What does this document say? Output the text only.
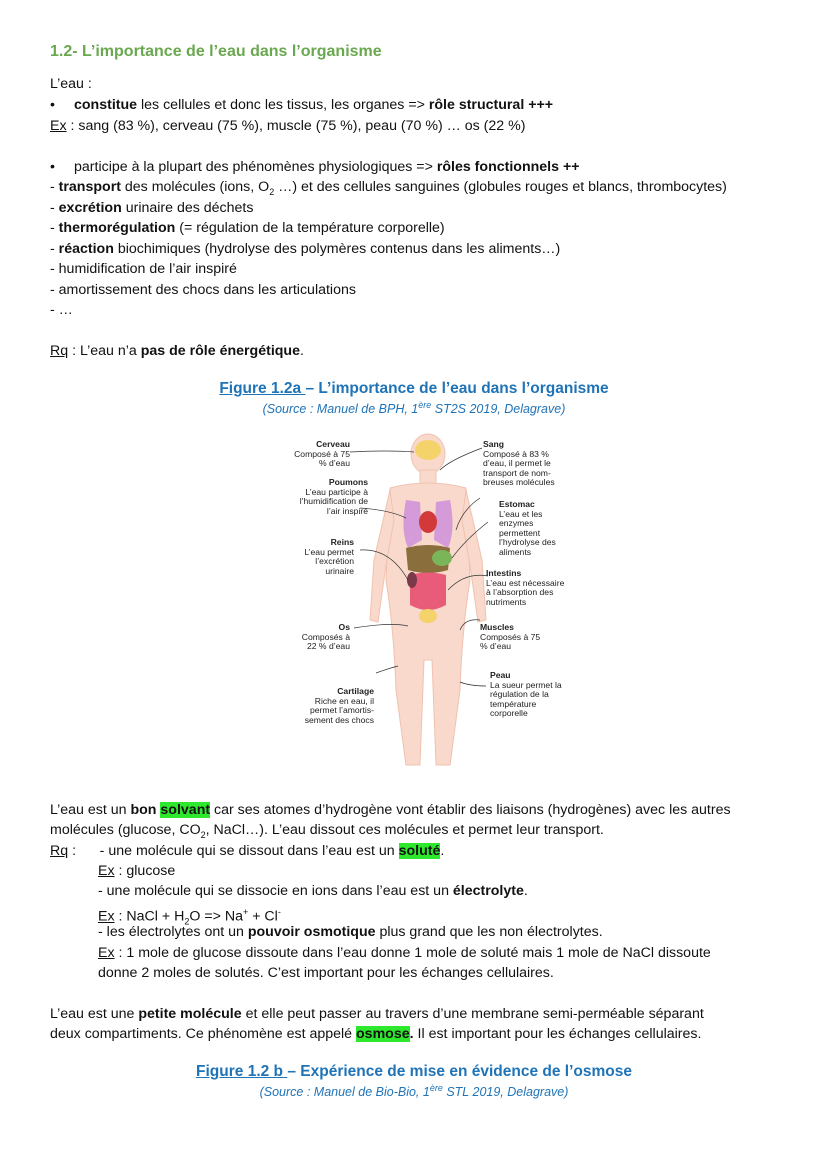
1.2- L’importance de l’eau dans l’organisme
L’eau :
• constitue les cellules et donc les tissus, les organes => rôle structural +++
Ex : sang (83 %), cerveau (75 %), muscle (75 %), peau (70 %) … os (22 %)
• participe à la plupart des phénomènes physiologiques => rôles fonctionnels ++
- transport des molécules (ions, $O_2$ …) et des cellules sanguines (globules rouges et blancs, thrombocytes)
- excrétion urinaire des déchets
- thermorégulation (= régulation de la température corporelle)
- réaction biochimiques (hydrolyse des polymères contenus dans les aliments…)
- humidification de l’air inspiré
- amortissement des chocs dans les articulations
- …
Rq : L’eau n’a pas de rôle énergétique.
Figure 1.2a – L’importance de l’eau dans l’organisme
(Source : Manuel de BPH, 1ère ST2S 2019, Delagrave)
Cerveau
Composé à 75 % d’eau
Poumons
L’eau participe à l’humidification de l’air inspiré
Reins
L’eau permet l’excrétion urinaire
Os
Composés à 22 % d’eau
Cartilage
Riche en eau, il permet l’amortis-sement des chocs
Sang
Composé à 83 % d’eau, il permet le transport de nom-breuses molécules
Estomac
L’eau et les enzymes permettent l’hydrolyse des aliments
Intestins
L’eau est nécessaire à l’absorption des nutriments
Muscles
Composés à 75 % d’eau
Peau
La sueur permet la régulation de la température corporelle
L’eau est un bon solvant car ses atomes d’hydrogène vont établir des liaisons (hydrogènes) avec les autres
molécules (glucose, $CO_2$, NaCl…). L’eau dissout ces molécules et permet leur transport.
Rq :      - une molécule qui se dissout dans l’eau est un soluté.
Ex : glucose
- une molécule qui se dissocie en ions dans l’eau est un électrolyte.
Ex : NaCl + $H_2O => Na^+ + Cl^-$
- les électrolytes ont un pouvoir osmotique plus grand que les non électrolytes.
Ex : 1 mole de glucose dissoute dans l’eau donne 1 mole de soluté mais 1 mole de NaCl dissoute
donne 2 moles de solutés. C’est important pour les échanges cellulaires.
L’eau est une petite molécule et elle peut passer au travers d’une membrane semi-perméable séparant
deux compartiments. Ce phénomène est appelé osmose. Il est important pour les échanges cellulaires.
Figure 1.2 b – Expérience de mise en évidence de l’osmose
(Source : Manuel de Bio-Bio, 1ère STL 2019, Delagrave)
